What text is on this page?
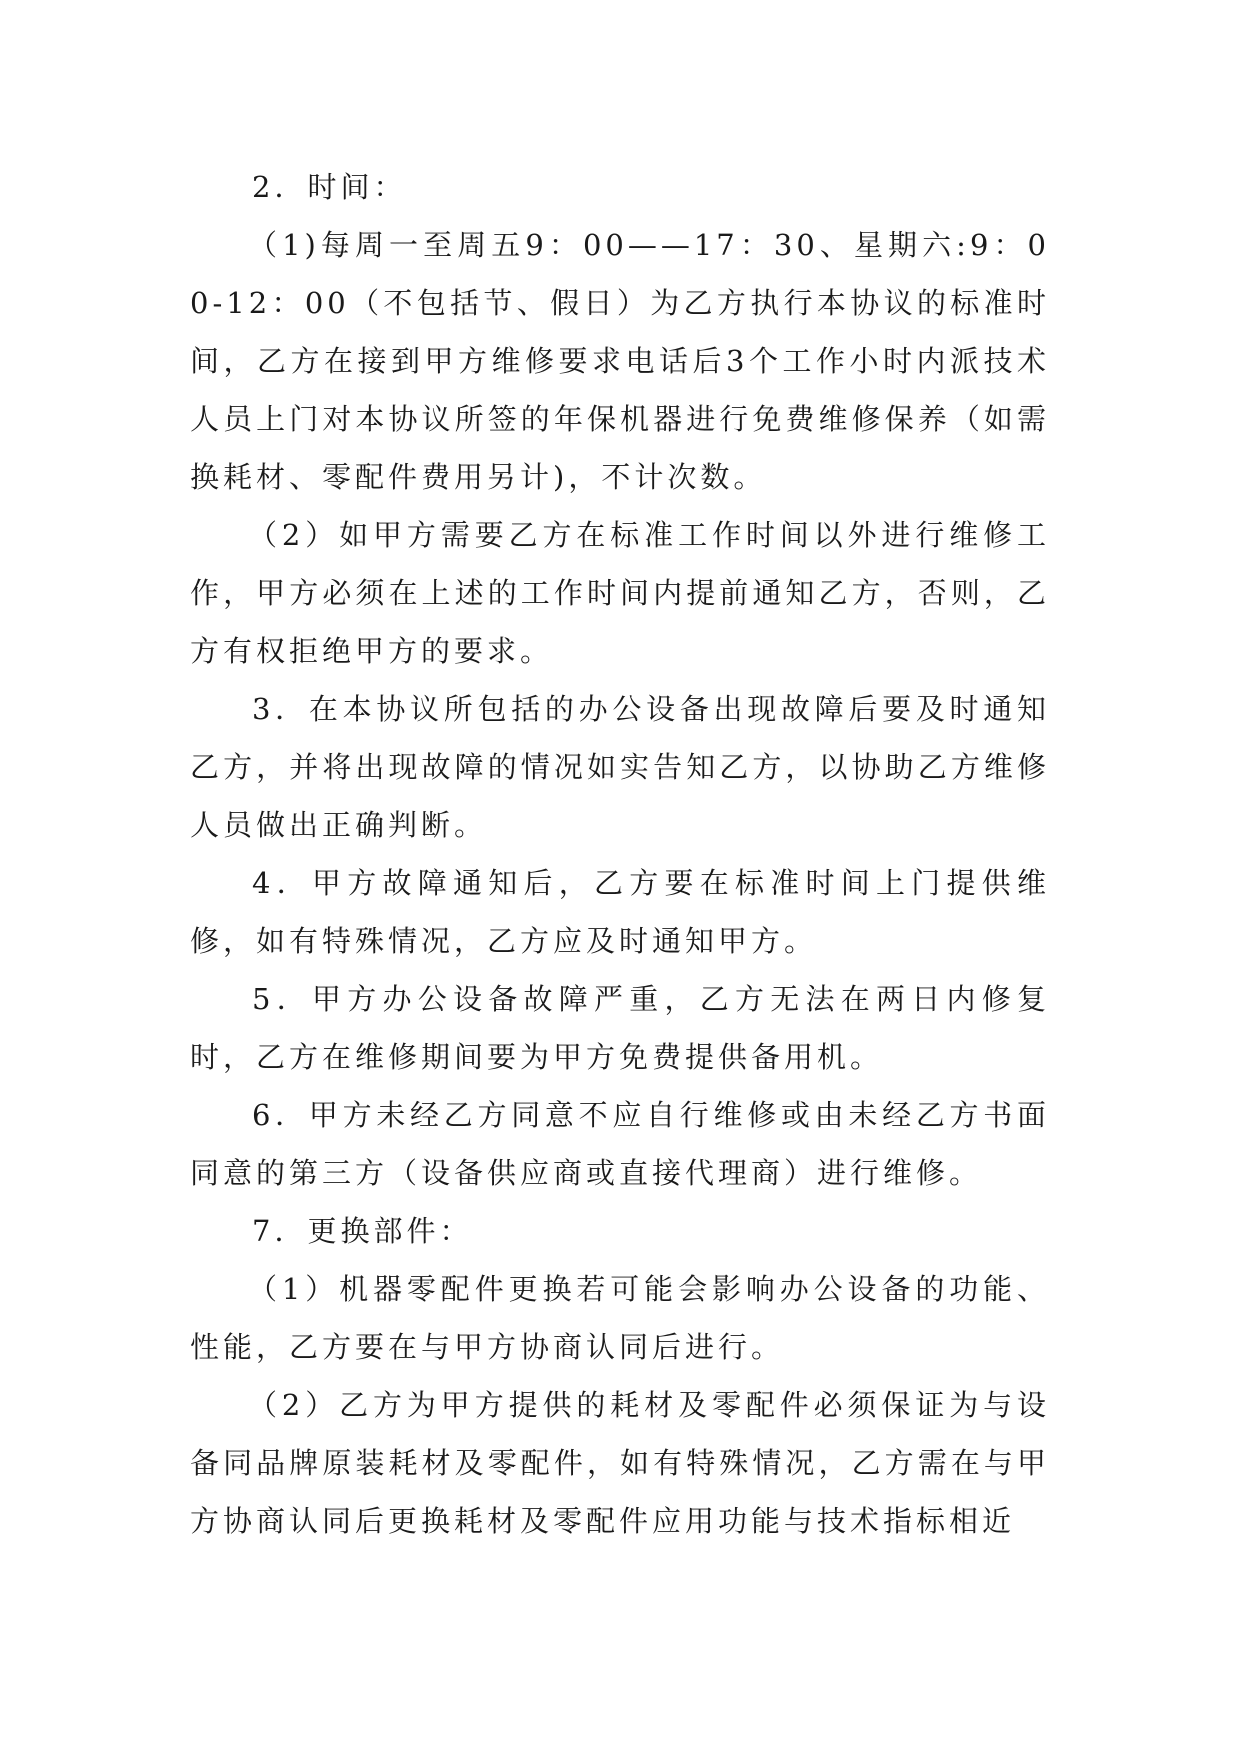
2．时间：

（1)每周一至周五9：00——17：30、星期六:9：00-12：00（不包括节、假日）为乙方执行本协议的标准时间，乙方在接到甲方维修要求电话后3个工作小时内派技术人员上门对本协议所签的年保机器进行免费维修保养（如需换耗材、零配件费用另计)，不计次数。

（2）如甲方需要乙方在标准工作时间以外进行维修工作，甲方必须在上述的工作时间内提前通知乙方，否则，乙方有权拒绝甲方的要求。

3．在本协议所包括的办公设备出现故障后要及时通知乙方，并将出现故障的情况如实告知乙方，以协助乙方维修人员做出正确判断。

4．甲方故障通知后，乙方要在标准时间上门提供维修，如有特殊情况，乙方应及时通知甲方。

5．甲方办公设备故障严重，乙方无法在两日内修复时，乙方在维修期间要为甲方免费提供备用机。

6．甲方未经乙方同意不应自行维修或由未经乙方书面同意的第三方（设备供应商或直接代理商）进行维修。

7．更换部件：

（1）机器零配件更换若可能会影响办公设备的功能、性能，乙方要在与甲方协商认同后进行。

（2）乙方为甲方提供的耗材及零配件必须保证为与设备同品牌原装耗材及零配件，如有特殊情况，乙方需在与甲方协商认同后更换耗材及零配件应用功能与技术指标相近
